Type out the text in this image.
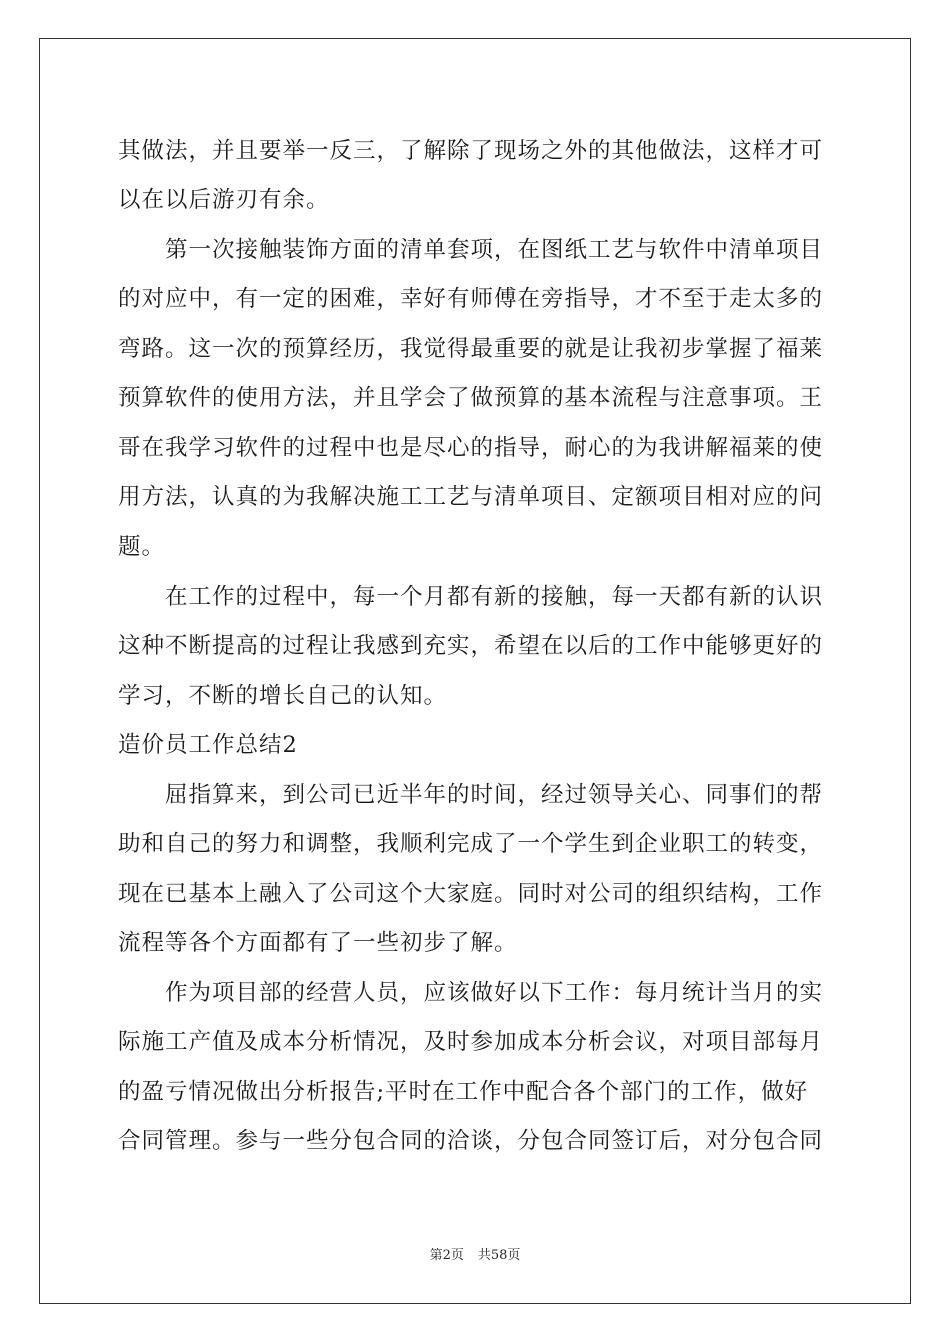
其做法，并且要举一反三，了解除了现场之外的其他做法，这样才可
以在以后游刃有余。
　　第一次接触装饰方面的清单套项，在图纸工艺与软件中清单项目
的对应中，有一定的困难，幸好有师傅在旁指导，才不至于走太多的
弯路。这一次的预算经历，我觉得最重要的就是让我初步掌握了福莱
预算软件的使用方法，并且学会了做预算的基本流程与注意事项。王
哥在我学习软件的过程中也是尽心的指导，耐心的为我讲解福莱的使
用方法，认真的为我解决施工工艺与清单项目、定额项目相对应的问
题。
　　在工作的过程中，每一个月都有新的接触，每一天都有新的认识
这种不断提高的过程让我感到充实，希望在以后的工作中能够更好的
学习，不断的增长自己的认知。
造价员工作总结2
　　屈指算来，到公司已近半年的时间，经过领导关心、同事们的帮
助和自己的努力和调整，我顺利完成了一个学生到企业职工的转变，
现在已基本上融入了公司这个大家庭。同时对公司的组织结构，工作
流程等各个方面都有了一些初步了解。
　　作为项目部的经营人员，应该做好以下工作：每月统计当月的实
际施工产值及成本分析情况，及时参加成本分析会议，对项目部每月
的盈亏情况做出分析报告;平时在工作中配合各个部门的工作，做好
合同管理。参与一些分包合同的洽谈，分包合同签订后，对分包合同
第2页 共58页
